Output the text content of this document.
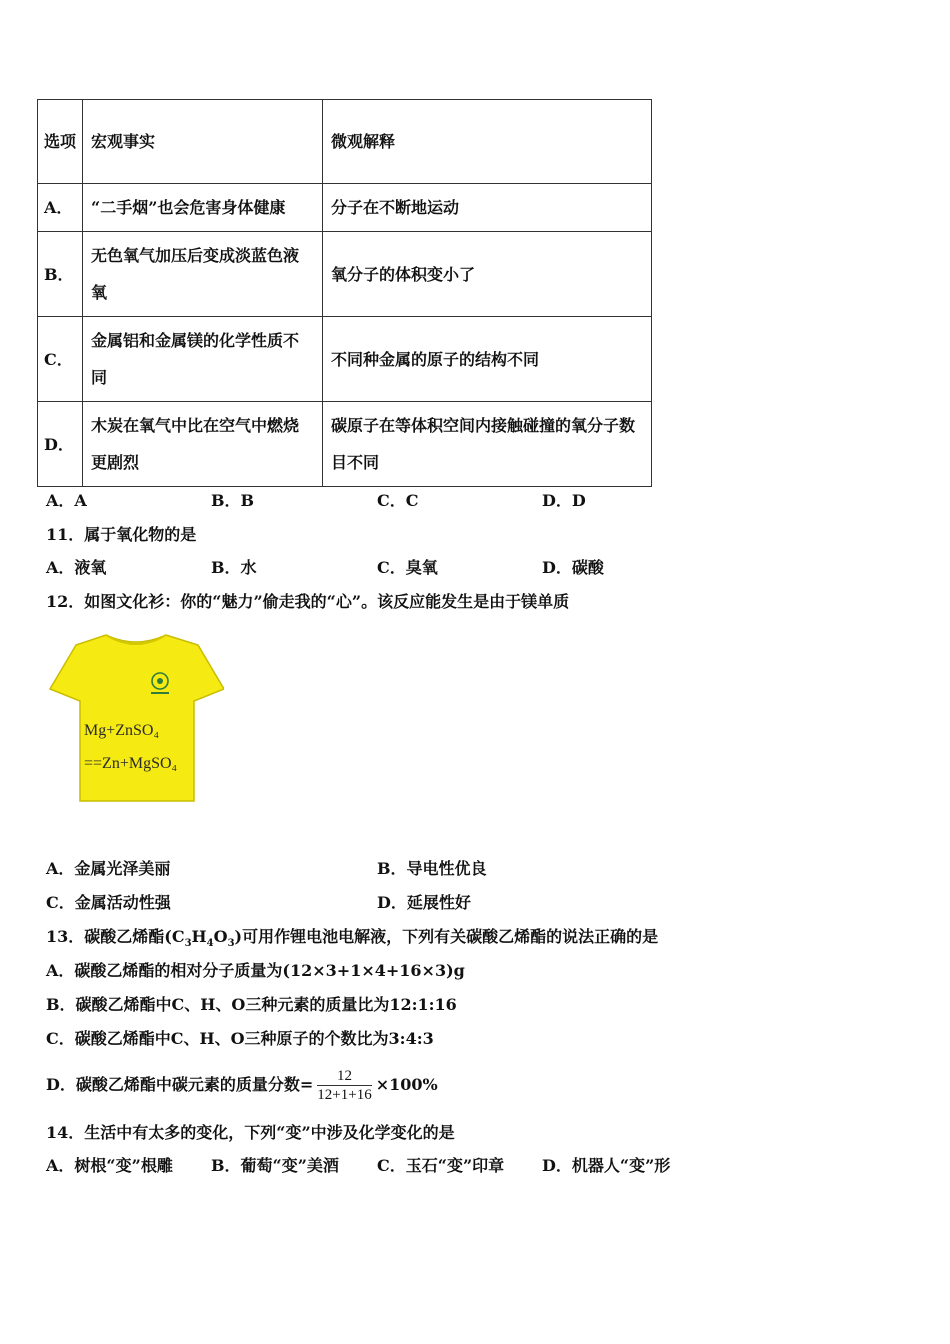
选项	宏观事实	微观解释
A．	“二手烟”也会危害身体健康	分子在不断地运动
B．	无色氧气加压后变成淡蓝色液氧	氧分子的体积变小了
C．	金属铝和金属镁的化学性质不同	不同种金属的原子的结构不同
D．	木炭在氧气中比在空气中燃烧更剧烈	碳原子在等体积空间内接触碰撞的氧分子数目不同
A．A	B．B	C．C	D．D
11．属于氧化物的是
A．液氧	B．水	C．臭氧	D．碳酸
12．如图文化衫：你的“魅力”偷走我的“心”。该反应能发生是由于镁单质
Mg+ZnSO₄
==Zn+MgSO₄
A．金属光泽美丽	B．导电性优良
C．金属活动性强	D．延展性好
13．碳酸乙烯酯$(C_3H_4O_3)$可用作锂电池电解液，下列有关碳酸乙烯酯的说法正确的是
A．碳酸乙烯酯的相对分子质量为(12×3+1×4+16×3)g
B．碳酸乙烯酯中C、H、O三种元素的质量比为12:1:16
C．碳酸乙烯酯中C、H、O三种原子的个数比为3:4:3
D．碳酸乙烯酯中碳元素的质量分数= $\frac{12}{12+1+16} \times 100\%$
14．生活中有太多的变化，下列“变”中涉及化学变化的是
A．树根“变”根雕 B．葡萄“变”美酒 C．玉石“变”印章 D．机器人“变”形
